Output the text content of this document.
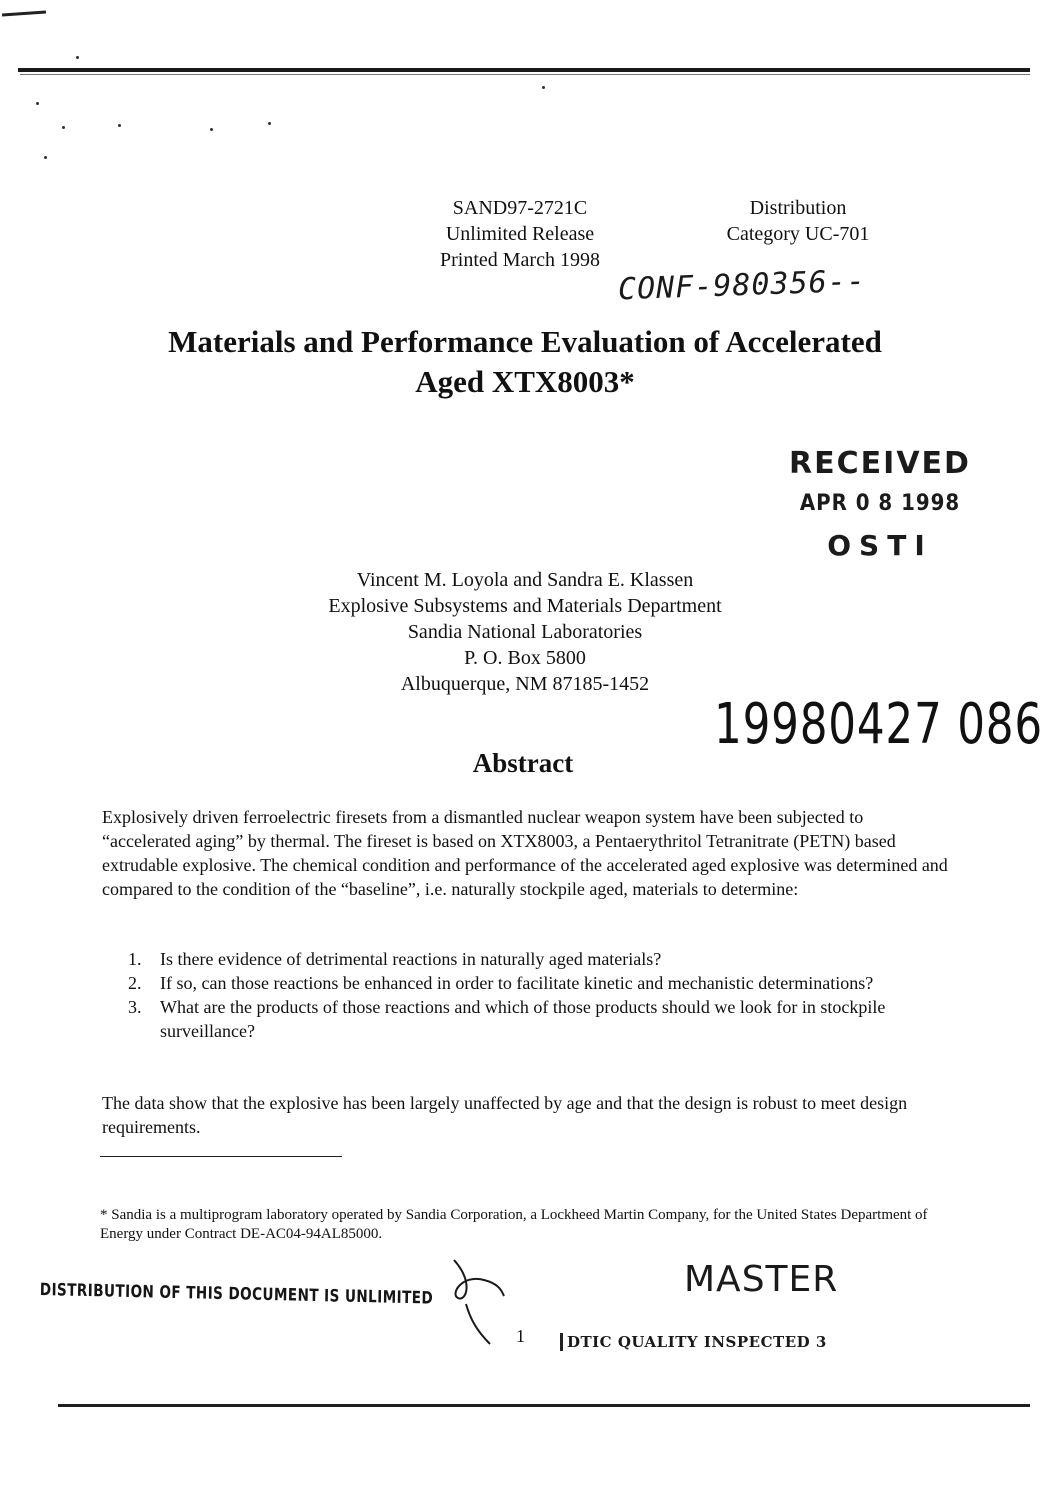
SAND97-2721C
Unlimited Release
Printed March 1998
Distribution
Category UC-701
CONF-980356--
Materials and Performance Evaluation of Accelerated
Aged XTX8003*
RECEIVED
APR 0 8 1998
OSTI
Vincent M. Loyola and Sandra E. Klassen
Explosive Subsystems and Materials Department
Sandia National Laboratories
P. O. Box 5800
Albuquerque, NM 87185-1452
19980427 086
Abstract
Explosively driven ferroelectric firesets from a dismantled nuclear weapon system have been subjected to “accelerated aging” by thermal. The fireset is based on XTX8003, a Pentaerythritol Tetranitrate (PETN) based extrudable explosive. The chemical condition and performance of the accelerated aged explosive was determined and compared to the condition of the “baseline”, i.e. naturally stockpile aged, materials to determine:
1.	Is there evidence of detrimental reactions in naturally aged materials?
2.	If so, can those reactions be enhanced in order to facilitate kinetic and mechanistic determinations?
3.	What are the products of those reactions and which of those products should we look for in stockpile surveillance?
The data show that the explosive has been largely unaffected by age and that the design is robust to meet design requirements.
* Sandia is a multiprogram laboratory operated by Sandia Corporation, a Lockheed Martin Company, for the United States Department of Energy under Contract DE-AC04-94AL85000.
DISTRIBUTION OF THIS DOCUMENT IS UNLIMITED	MASTER
1	DTIC QUALITY INSPECTED 3
